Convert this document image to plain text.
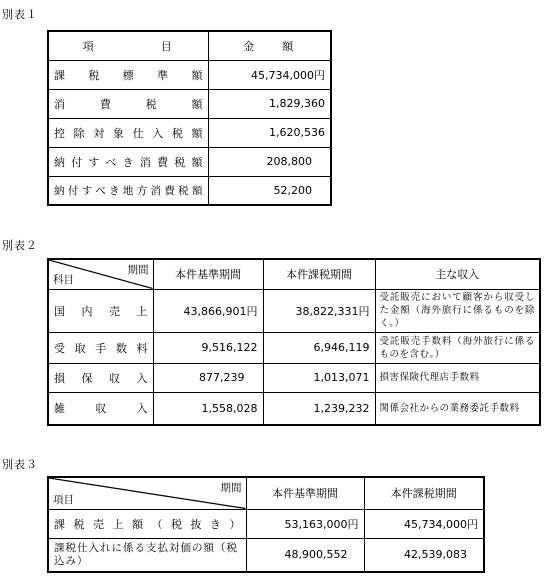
別表１
項　　　　　目	金　　額
課税標準額	45,734,000円
消費税額	1,829,360
控除対象仕入税額	1,620,536
納付すべき消費税額	208,800
納付すべき地方消費税額	52,200
別表２
期間
科目	本件基準期間	本件課税期間	主な収入
国内売上	43,866,901円	38,822,331円	受託販売において顧客から収受した金額（海外旅行に係るものを除く。）
受取手数料	9,516,122	6,946,119	受託販売手数料（海外旅行に係るものを含む。）
損保収入	877,239	1,013,071	損害保険代理店手数料
雑収入	1,558,028	1,239,232	関係会社からの業務委託手数料
別表３
期間
項目	本件基準期間	本件課税期間
課税売上額（税抜き）	53,163,000円	45,734,000円
課税仕入れに係る支払対価の額（税込み）	48,900,552	42,539,083
